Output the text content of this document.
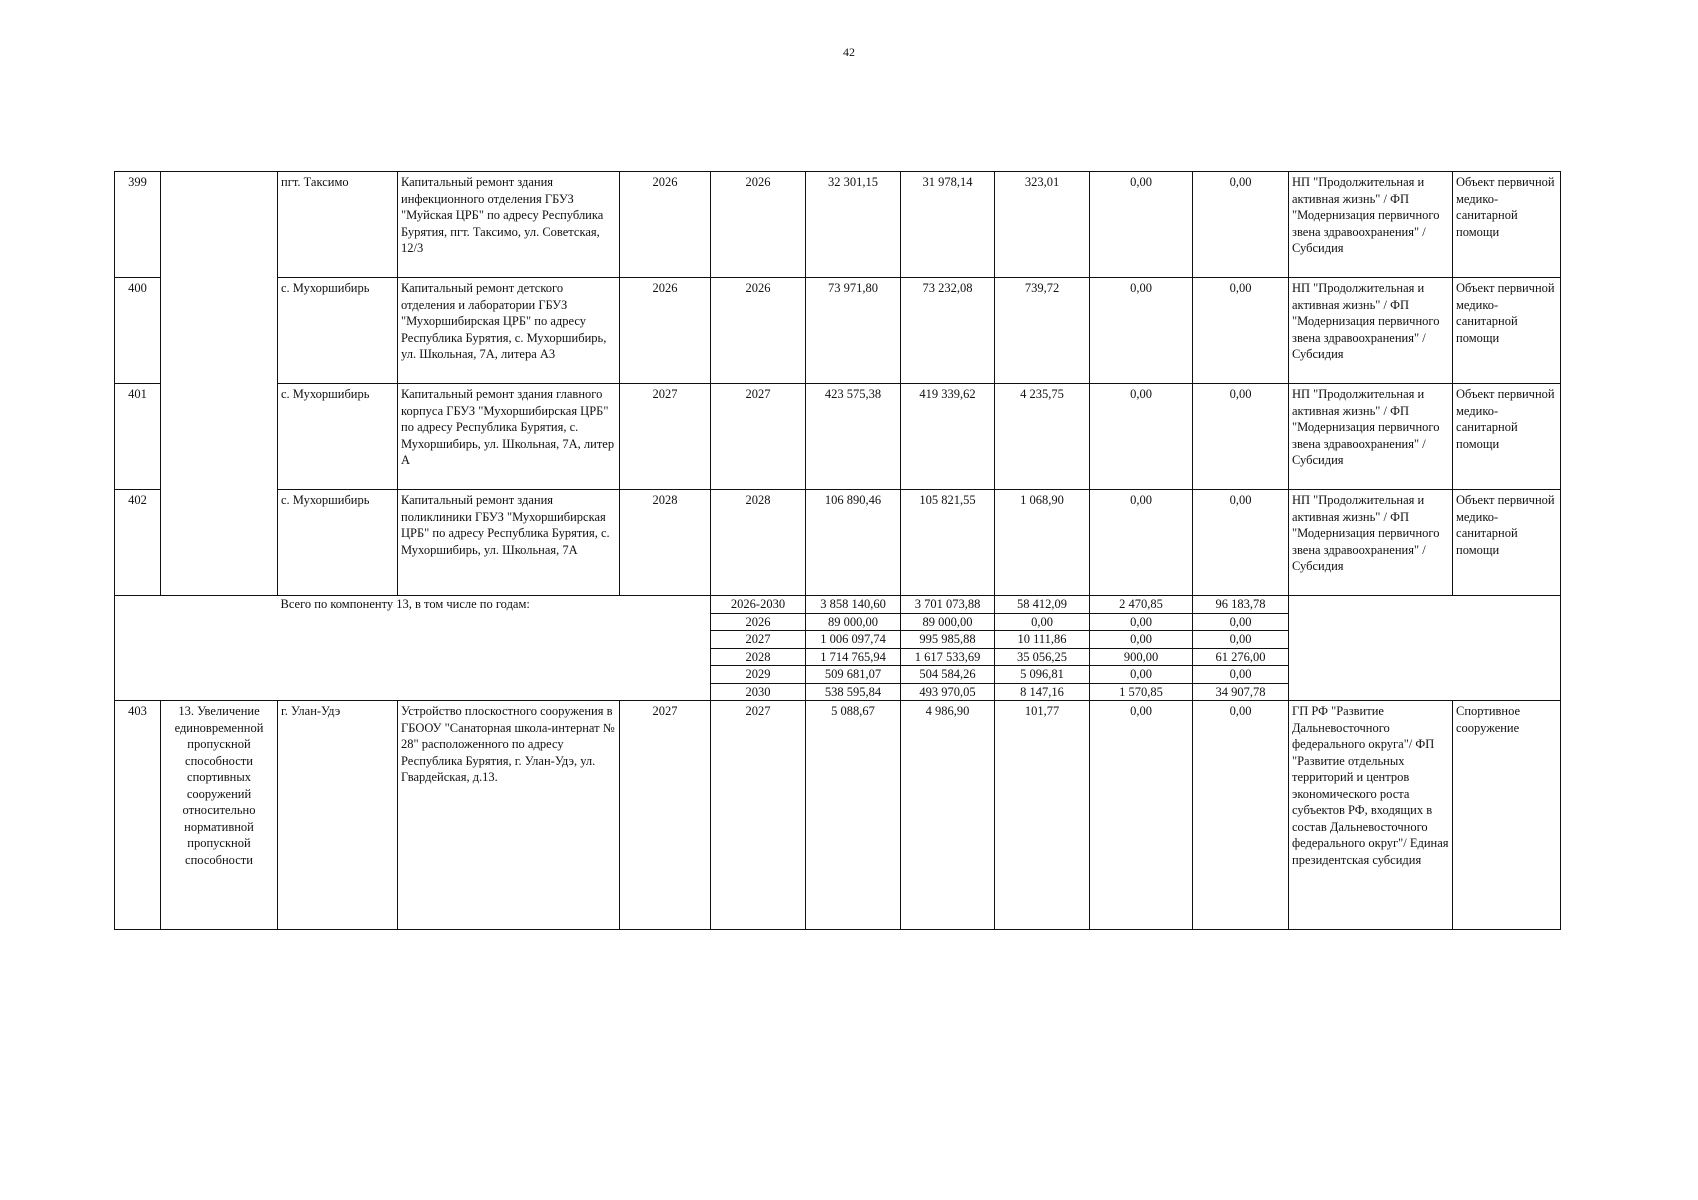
42
399		пгт. Таксимо	Капитальный ремонт здания инфекционного отделения ГБУЗ "Муйская ЦРБ" по адресу Республика Бурятия, пгт. Таксимо, ул. Советская, 12/3	2026	2026	32 301,15	31 978,14	323,01	0,00	0,00	НП "Продолжительная и активная жизнь" / ФП "Модернизация первичного звена здравоохранения" / Субсидия	Объект первичной медико-санитарной помощи
400		с. Мухоршибирь	Капитальный ремонт детского отделения и лаборатории ГБУЗ "Мухоршибирская ЦРБ" по адресу Республика Бурятия, с. Мухоршибирь, ул. Школьная, 7А, литера А3	2026	2026	73 971,80	73 232,08	739,72	0,00	0,00	НП "Продолжительная и активная жизнь" / ФП "Модернизация первичного звена здравоохранения" / Субсидия	Объект первичной медико-санитарной помощи
401		с. Мухоршибирь	Капитальный ремонт здания главного корпуса ГБУЗ "Мухоршибирская ЦРБ" по адресу Республика Бурятия, с. Мухоршибирь, ул. Школьная, 7А, литер А	2027	2027	423 575,38	419 339,62	4 235,75	0,00	0,00	НП "Продолжительная и активная жизнь" / ФП "Модернизация первичного звена здравоохранения" / Субсидия	Объект первичной медико-санитарной помощи
402		с. Мухоршибирь	Капитальный ремонт здания поликлиники ГБУЗ "Мухоршибирская ЦРБ" по адресу Республика Бурятия, с. Мухоршибирь, ул. Школьная, 7А	2028	2028	106 890,46	105 821,55	1 068,90	0,00	0,00	НП "Продолжительная и активная жизнь" / ФП "Модернизация первичного звена здравоохранения" / Субсидия	Объект первичной медико-санитарной помощи
		Всего по компоненту 13, в том числе по годам:			2026-2030	3 858 140,60	3 701 073,88	58 412,09	2 470,85	96 183,78		
					2026	89 000,00	89 000,00	0,00	0,00	0,00		
					2027	1 006 097,74	995 985,88	10 111,86	0,00	0,00		
					2028	1 714 765,94	1 617 533,69	35 056,25	900,00	61 276,00		
					2029	509 681,07	504 584,26	5 096,81	0,00	0,00		
					2030	538 595,84	493 970,05	8 147,16	1 570,85	34 907,78		
403	13. Увеличение единовременной пропускной способности спортивных сооружений относительно нормативной пропускной способности	г. Улан-Удэ	Устройство плоскостного сооружения в ГБООУ "Санаторная школа-интернат № 28" расположенного по адресу Республика Бурятия, г. Улан-Удэ, ул. Гвардейская, д.13.	2027	2027	5 088,67	4 986,90	101,77	0,00	0,00	ГП РФ "Развитие Дальневосточного федерального округа"/ ФП "Развитие отдельных территорий и центров экономического роста субъектов РФ, входящих в состав Дальневосточного федерального округ"/ Единая президентская субсидия	Спортивное сооружение
